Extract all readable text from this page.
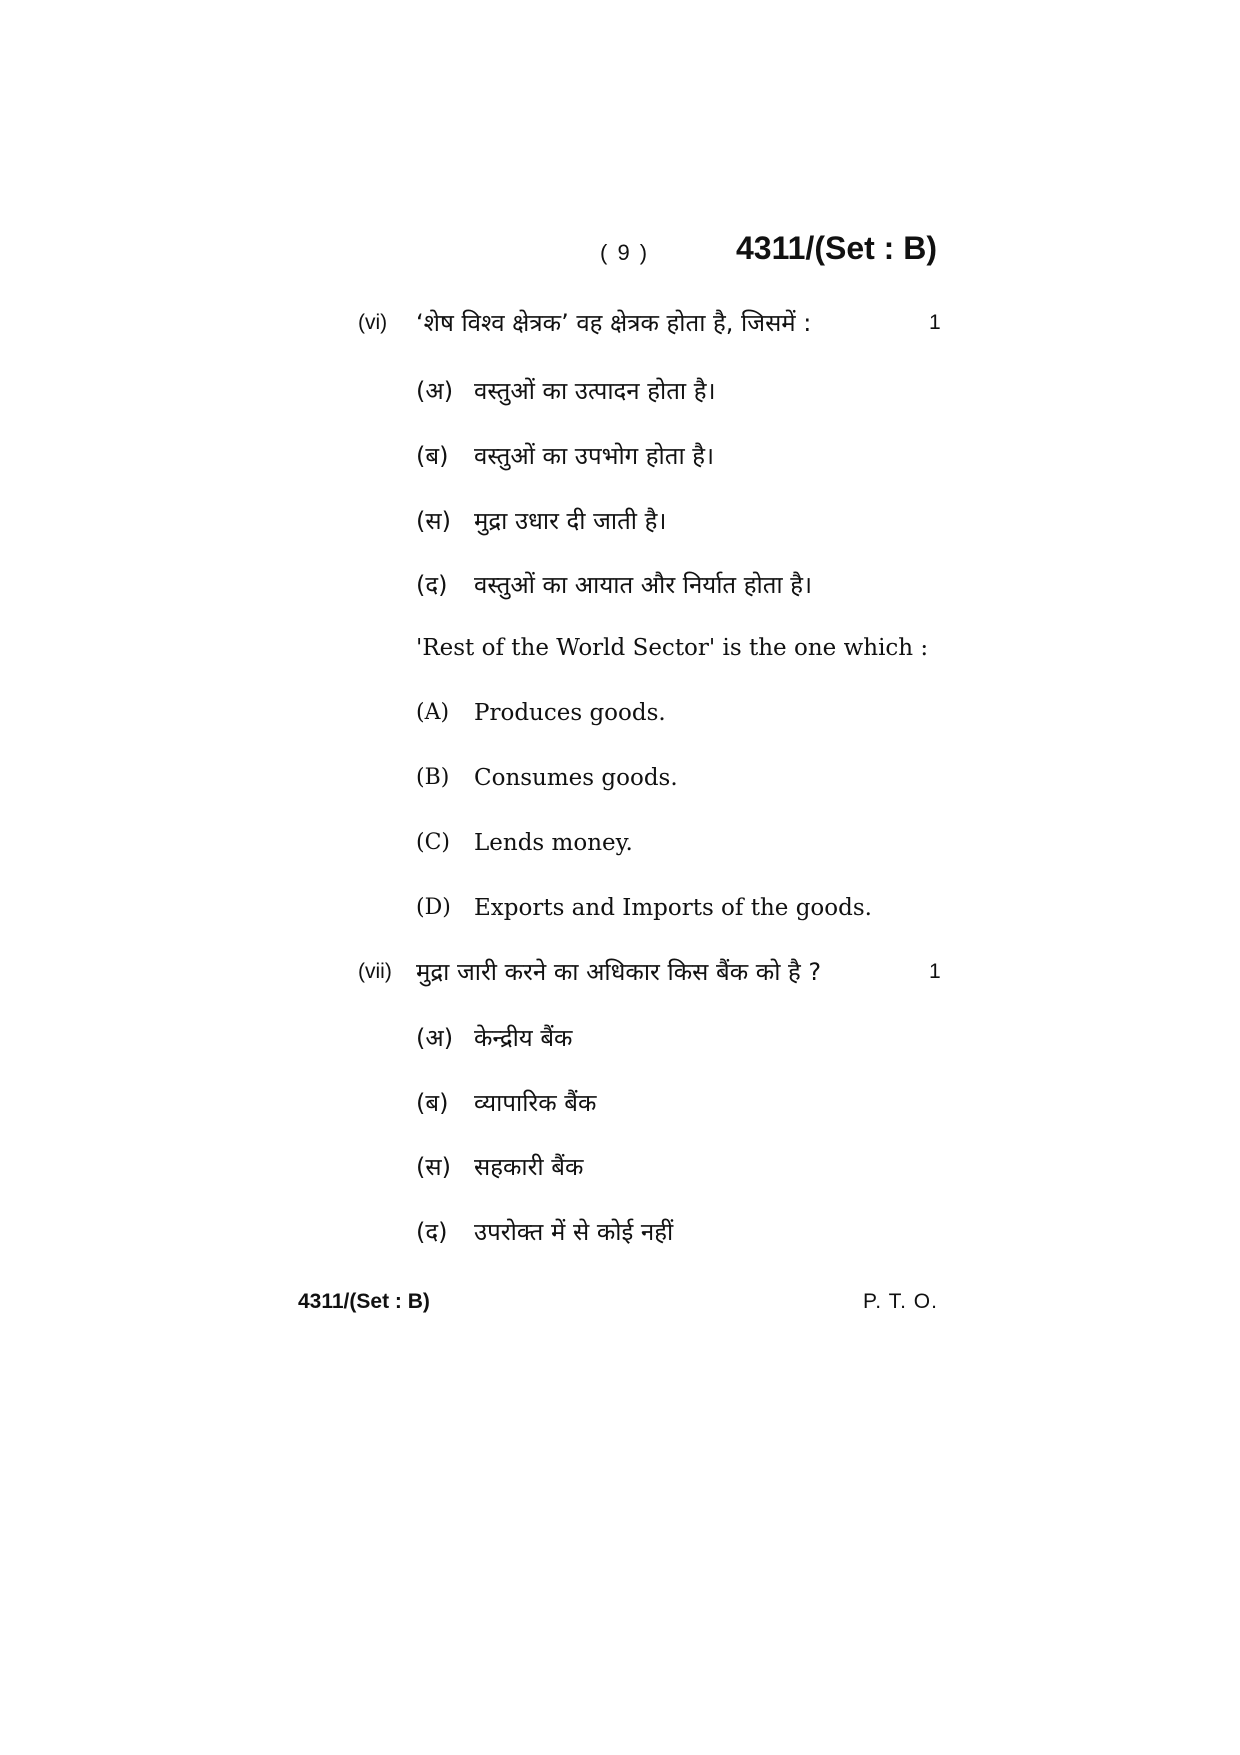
( 9 )	4311/(Set : B)
(vi) ‘शेष विश्व क्षेत्रक’ वह क्षेत्रक होता है, जिसमें :	1
(अ) वस्तुओं का उत्पादन होता है।
(ब) वस्तुओं का उपभोग होता है।
(स) मुद्रा उधार दी जाती है।
(द) वस्तुओं का आयात और निर्यात होता है।
'Rest of the World Sector' is the one which :
(A) Produces goods.
(B) Consumes goods.
(C) Lends money.
(D) Exports and Imports of the goods.
(vii) मुद्रा जारी करने का अधिकार किस बैंक को है ?	1
(अ) केन्द्रीय बैंक
(ब) व्यापारिक बैंक
(स) सहकारी बैंक
(द) उपरोक्त में से कोई नहीं
4311/(Set : B)	P. T. O.
